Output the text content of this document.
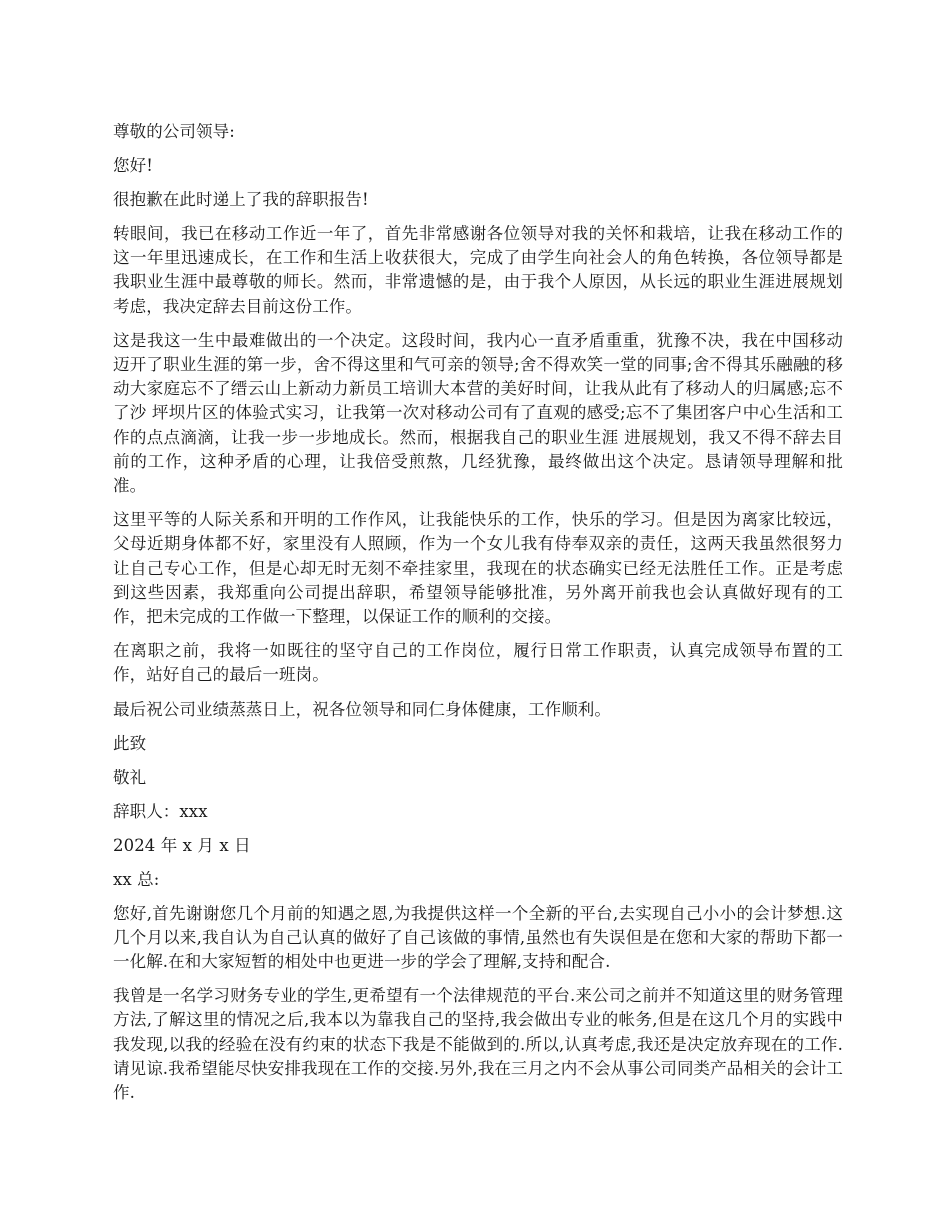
尊敬的公司领导:

您好!

很抱歉在此时递上了我的辞职报告!

转眼间，我已在移动工作近一年了，首先非常感谢各位领导对我的关怀和栽培，让我在移动工作的这一年里迅速成长，在工作和生活上收获很大，完成了由学生向社会人的角色转换，各位领导都是我职业生涯中最尊敬的师长。然而，非常遗憾的是，由于我个人原因，从长远的职业生涯进展规划考虑，我决定辞去目前这份工作。

这是我这一生中最难做出的一个决定。这段时间，我内心一直矛盾重重，犹豫不决，我在中国移动迈开了职业生涯的第一步，舍不得这里和气可亲的领导;舍不得欢笑一堂的同事;舍不得其乐融融的移动大家庭忘不了缙云山上新动力新员工培训大本营的美好时间，让我从此有了移动人的归属感;忘不了沙 坪坝片区的体验式实习，让我第一次对移动公司有了直观的感受;忘不了集团客户中心生活和工作的点点滴滴，让我一步一步地成长。然而，根据我自己的职业生涯 进展规划，我又不得不辞去目前的工作，这种矛盾的心理，让我倍受煎熬，几经犹豫，最终做出这个决定。恳请领导理解和批准。

这里平等的人际关系和开明的工作作风，让我能快乐的工作，快乐的学习。但是因为离家比较远，父母近期身体都不好，家里没有人照顾，作为一个女儿我有侍奉双亲的责任，这两天我虽然很努力让自己专心工作，但是心却无时无刻不牵挂家里，我现在的状态确实已经无法胜任工作。正是考虑到这些因素，我郑重向公司提出辞职，希望领导能够批准，另外离开前我也会认真做好现有的工作，把未完成的工作做一下整理，以保证工作的顺利的交接。

在离职之前，我将一如既往的坚守自己的工作岗位，履行日常工作职责，认真完成领导布置的工作，站好自己的最后一班岗。

最后祝公司业绩蒸蒸日上，祝各位领导和同仁身体健康，工作顺利。

此致

敬礼

辞职人：xxx

2024 年 x 月 x 日

xx 总:

您好,首先谢谢您几个月前的知遇之恩,为我提供这样一个全新的平台,去实现自己小小的会计梦想.这几个月以来,我自认为自己认真的做好了自己该做的事情,虽然也有失误但是在您和大家的帮助下都一一化解.在和大家短暂的相处中也更进一步的学会了理解,支持和配合.

我曾是一名学习财务专业的学生,更希望有一个法律规范的平台.来公司之前并不知道这里的财务管理方法,了解这里的情况之后,我本以为靠我自己的坚持,我会做出专业的帐务,但是在这几个月的实践中我发现,以我的经验在没有约束的状态下我是不能做到的.所以,认真考虑,我还是决定放弃现在的工作.请见谅.我希望能尽快安排我现在工作的交接.另外,我在三月之内不会从事公司同类产品相关的会计工作.
